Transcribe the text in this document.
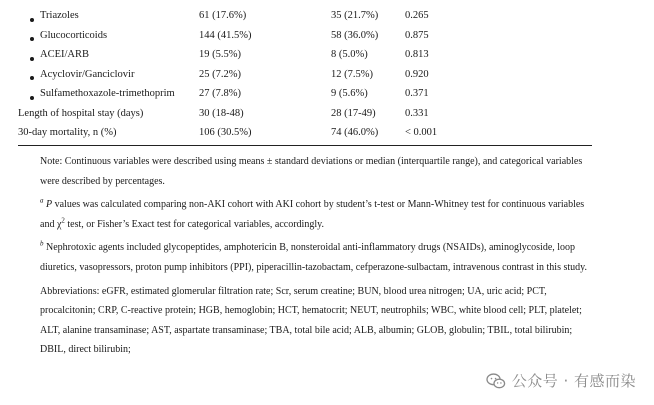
Triazoles	61 (17.6%)	35 (21.7%)	0.265
Glucocorticoids	144 (41.5%)	58 (36.0%)	0.875
ACEI/ARB	19 (5.5%)	8 (5.0%)	0.813
Acyclovir/Ganciclovir	25 (7.2%)	12 (7.5%)	0.920
Sulfamethoxazole-trimethoprim 27 (7.8%)	9 (5.6%)	0.371
Length of hospital stay (days)	30 (18-48)	28 (17-49)	0.331
30-day mortality, n (%)	106 (30.5%)	74 (46.0%)	< 0.001

Note: Continuous variables were described using means ± standard deviations or median (interquartile range), and categorical variables were described by percentages.

$^a$ P values was calculated comparing non-AKI cohort with AKI cohort by student’s t-test or Mann-Whitney test for continuous variables and $\chi^2$ test, or Fisher’s Exact test for categorical variables, accordingly.

$^b$ Nephrotoxic agents included glycopeptides, amphotericin B, nonsteroidal anti-inflammatory drugs (NSAIDs), aminoglycoside, loop diuretics, vasopressors, proton pump inhibitors (PPI), piperacillin-tazobactam, cefperazone-sulbactam, intravenous contrast in this study.

Abbreviations: eGFR, estimated glomerular filtration rate; Scr, serum creatine; BUN, blood urea nitrogen; UA, uric acid; PCT, procalcitonin; CRP, C-reactive protein; HGB, hemoglobin; HCT, hematocrit; NEUT, neutrophils; WBC, white blood cell; PLT, platelet; ALT, alanine transaminase; AST, aspartate transaminase; TBA, total bile acid; ALB, albumin; GLOB, globulin; TBIL, total bilirubin; DBIL, direct bilirubin;

公众号 · 有感而染
